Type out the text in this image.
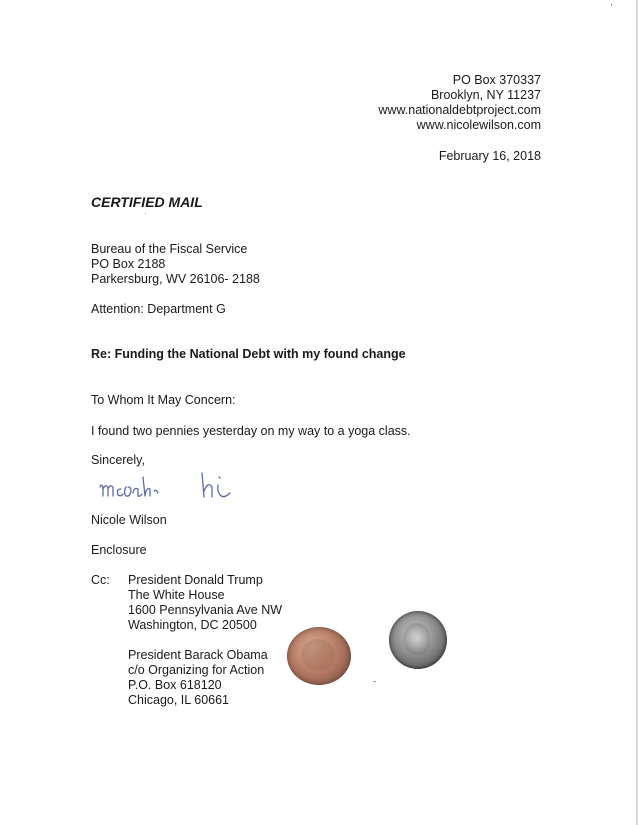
PO Box 370337
Brooklyn, NY 11237
www.nationaldebtproject.com
www.nicolewilson.com
February 16, 2018
CERTIFIED MAIL
Bureau of the Fiscal Service
PO Box 2188
Parkersburg, WV 26106- 2188
Attention: Department G
Re: Funding the National Debt with my found change
To Whom It May Concern:
I found two pennies yesterday on my way to a yoga class.
Sincerely,
Nicole Wilson
Enclosure
Cc: President Donald Trump
The White House
1600 Pennsylvania Ave NW
Washington, DC 20500
President Barack Obama
c/o Organizing for Action
P.O. Box 618120
Chicago, IL 60661
